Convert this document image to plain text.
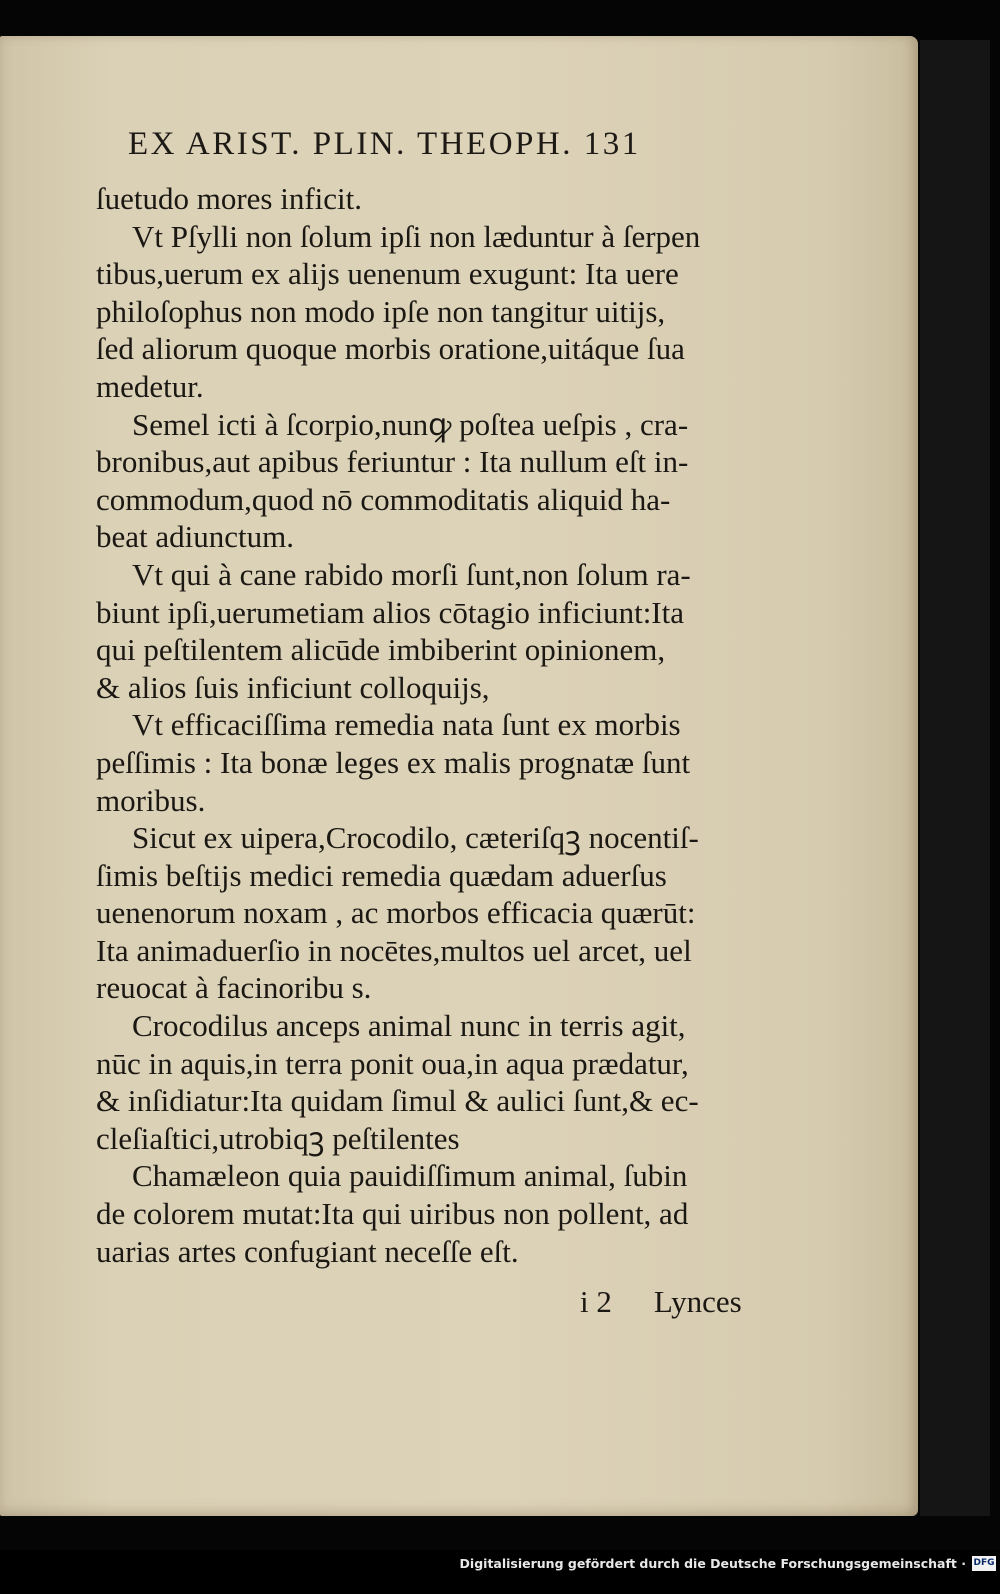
EX ARIST. PLIN. THEOPH. 131
ſuetudo mores inficit.
Vt Pſylli non ſolum ipſi non læduntur à ſerpen
tibus,uerum ex alijs uenenum exugunt: Ita uere
philoſophus non modo ipſe non tangitur uitijs,
ſed aliorum quoque morbis oratione,uitáque ſua
medetur.
Semel icti à ſcorpio,nunꝙ poſtea ueſpis , cra-
bronibus,aut apibus feriuntur : Ita nullum eſt in-
commodum,quod nō commoditatis aliquid ha-
beat adiunctum.
Vt qui à cane rabido morſi ſunt,non ſolum ra-
biunt ipſi,uerumetiam alios cōtagio inficiunt:Ita
qui peſtilentem alicūde imbiberint opinionem,
& alios ſuis inficiunt colloquijs,
Vt efficaciſſima remedia nata ſunt ex morbis
peſſimis : Ita bonæ leges ex malis prognatæ ſunt
moribus.
Sicut ex uipera,Crocodilo, cæteriſqꝫ nocentiſ-
ſimis beſtijs medici remedia quædam aduerſus
uenenorum noxam , ac morbos efficacia quærūt:
Ita animaduerſio in nocētes,multos uel arcet, uel
reuocat à facinoribu s.
Crocodilus anceps animal nunc in terris agit,
nūc in aquis,in terra ponit oua,in aqua prædatur,
& inſidiatur:Ita quidam ſimul & aulici ſunt,& ec-
cleſiaſtici,utrobiqꝫ peſtilentes
Chamæleon quia pauidiſſimum animal, ſubin
de colorem mutat:Ita qui uiribus non pollent, ad
uarias artes confugiant neceſſe eſt.
i 2 Lynces
Digitalisierung gefördert durch die Deutsche Forschungsgemeinschaft · DFG
